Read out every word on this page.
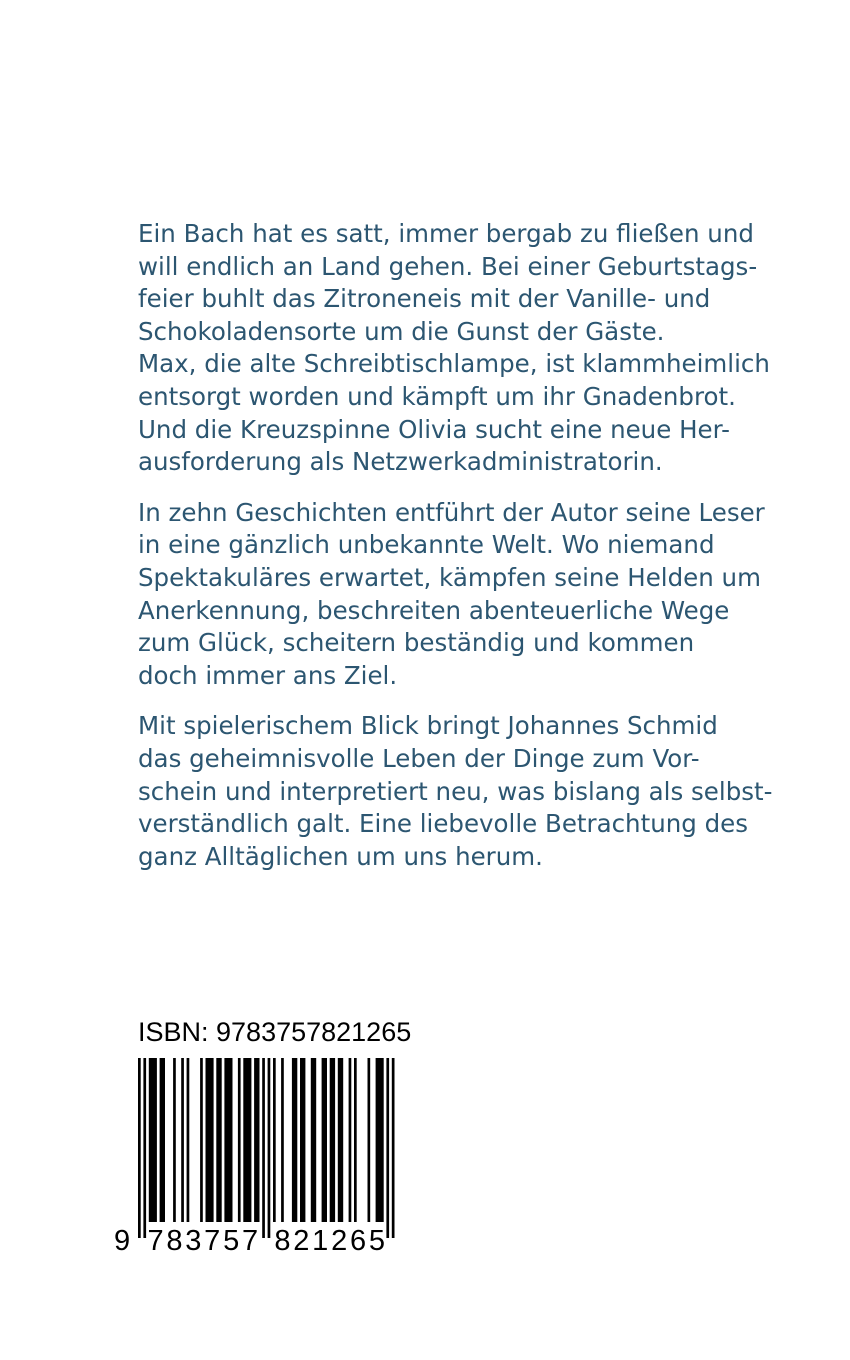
Ein Bach hat es satt, immer bergab zu fließen und
will endlich an Land gehen. Bei einer Geburtstags-
feier buhlt das Zitroneneis mit der Vanille- und
Schokoladensorte um die Gunst der Gäste.
Max, die alte Schreibtischlampe, ist klammheimlich
entsorgt worden und kämpft um ihr Gnadenbrot.
Und die Kreuzspinne Olivia sucht eine neue Her-
ausforderung als Netzwerkadministratorin.
In zehn Geschichten entführt der Autor seine Leser
in eine gänzlich unbekannte Welt. Wo niemand
Spektakuläres erwartet, kämpfen seine Helden um
Anerkennung, beschreiten abenteuerliche Wege
zum Glück, scheitern beständig und kommen
doch immer ans Ziel.
Mit spielerischem Blick bringt Johannes Schmid
das geheimnisvolle Leben der Dinge zum Vor-
schein und interpretiert neu, was bislang als selbst-
verständlich galt. Eine liebevolle Betrachtung des
ganz Alltäglichen um uns herum.
ISBN: 9783757821265
9 7 8 3 7 5 7 8 2 1 2 6 5
